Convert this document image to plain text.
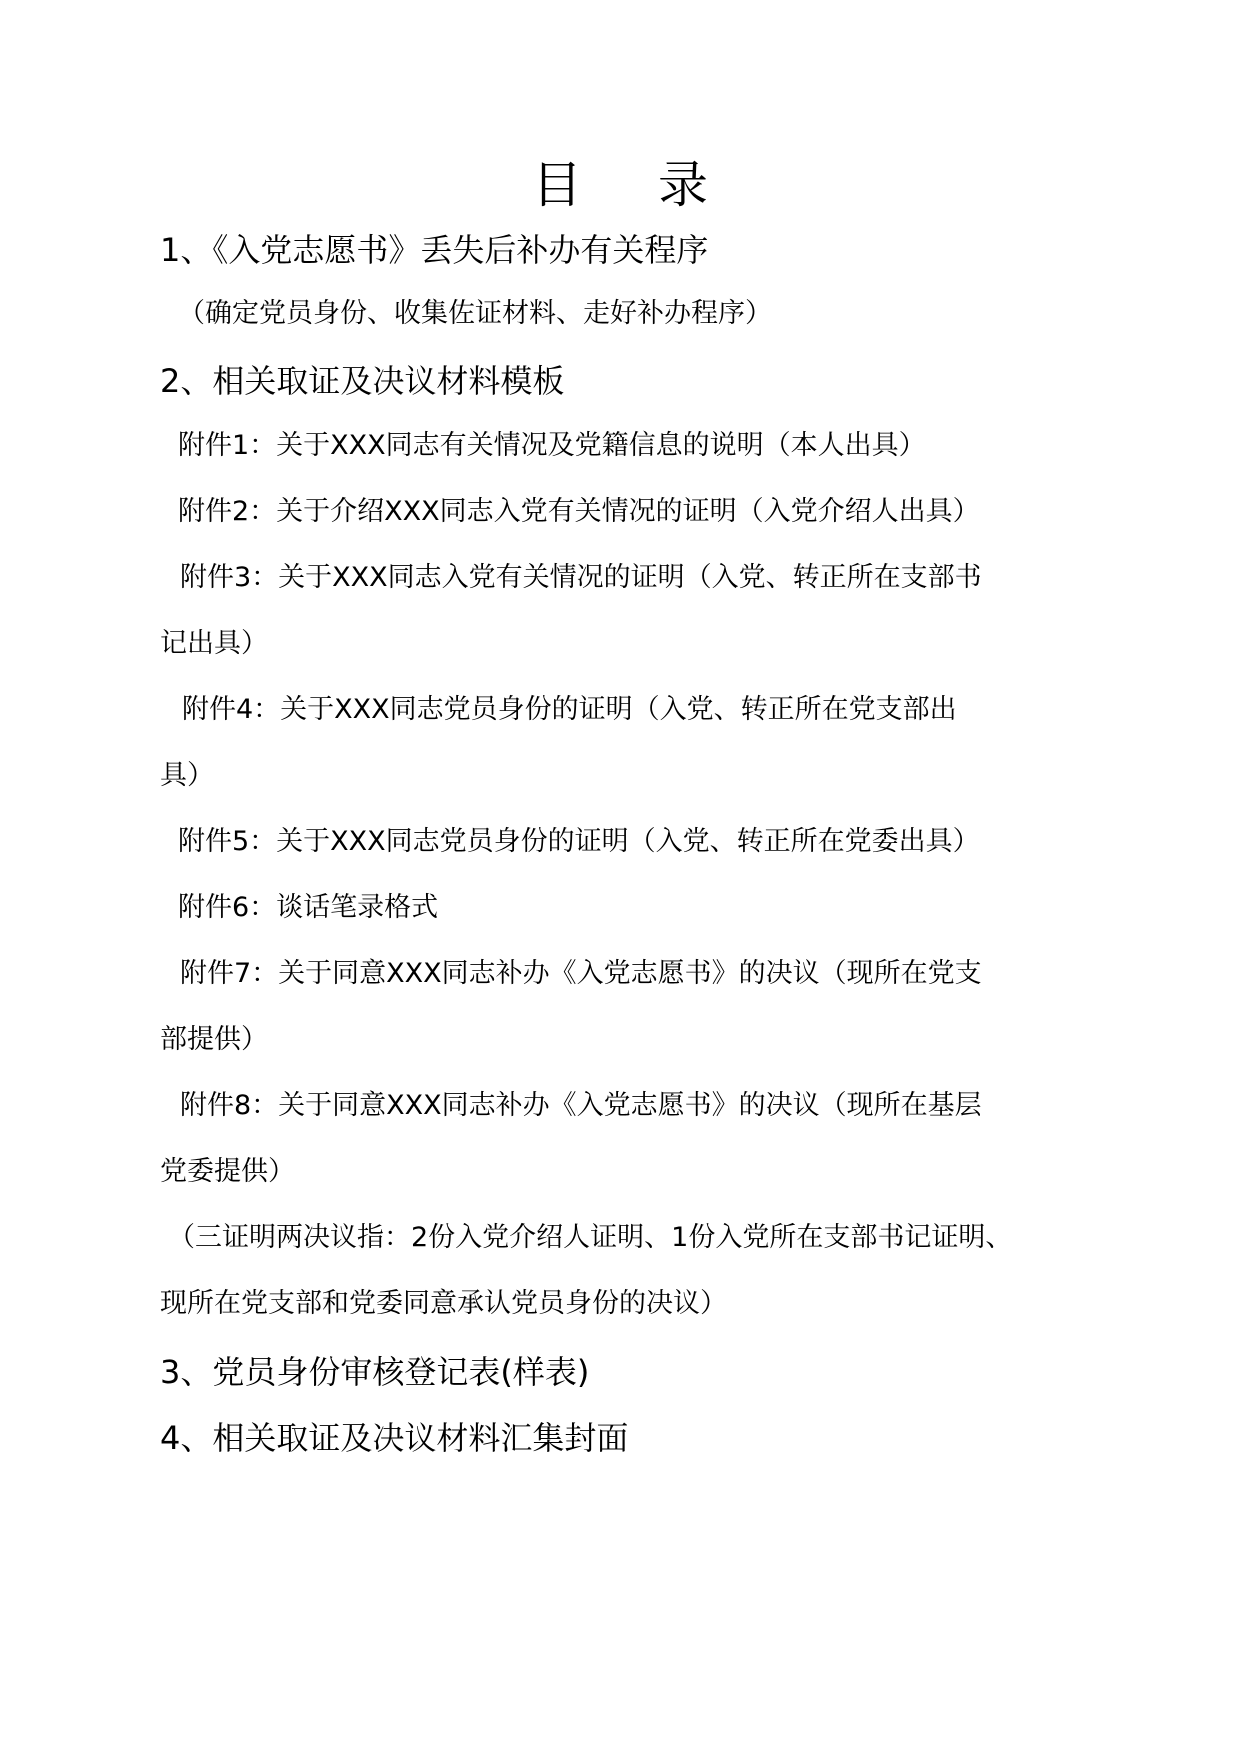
目 录
1、《入党志愿书》丢失后补办有关程序
（确定党员身份、收集佐证材料、走好补办程序）
2、相关取证及决议材料模板
附件1：关于XXX同志有关情况及党籍信息的说明（本人出具）
附件2：关于介绍XXX同志入党有关情况的证明（入党介绍人出具）
附件3：关于XXX同志入党有关情况的证明（入党、转正所在支部书
记出具）
附件4：关于XXX同志党员身份的证明（入党、转正所在党支部出
具）
附件5：关于XXX同志党员身份的证明（入党、转正所在党委出具）
附件6：谈话笔录格式
附件7：关于同意XXX同志补办《入党志愿书》的决议（现所在党支
部提供）
附件8：关于同意XXX同志补办《入党志愿书》的决议（现所在基层
党委提供）
（三证明两决议指：2份入党介绍人证明、1份入党所在支部书记证明、
现所在党支部和党委同意承认党员身份的决议）
3、党员身份审核登记表(样表)
4、相关取证及决议材料汇集封面
